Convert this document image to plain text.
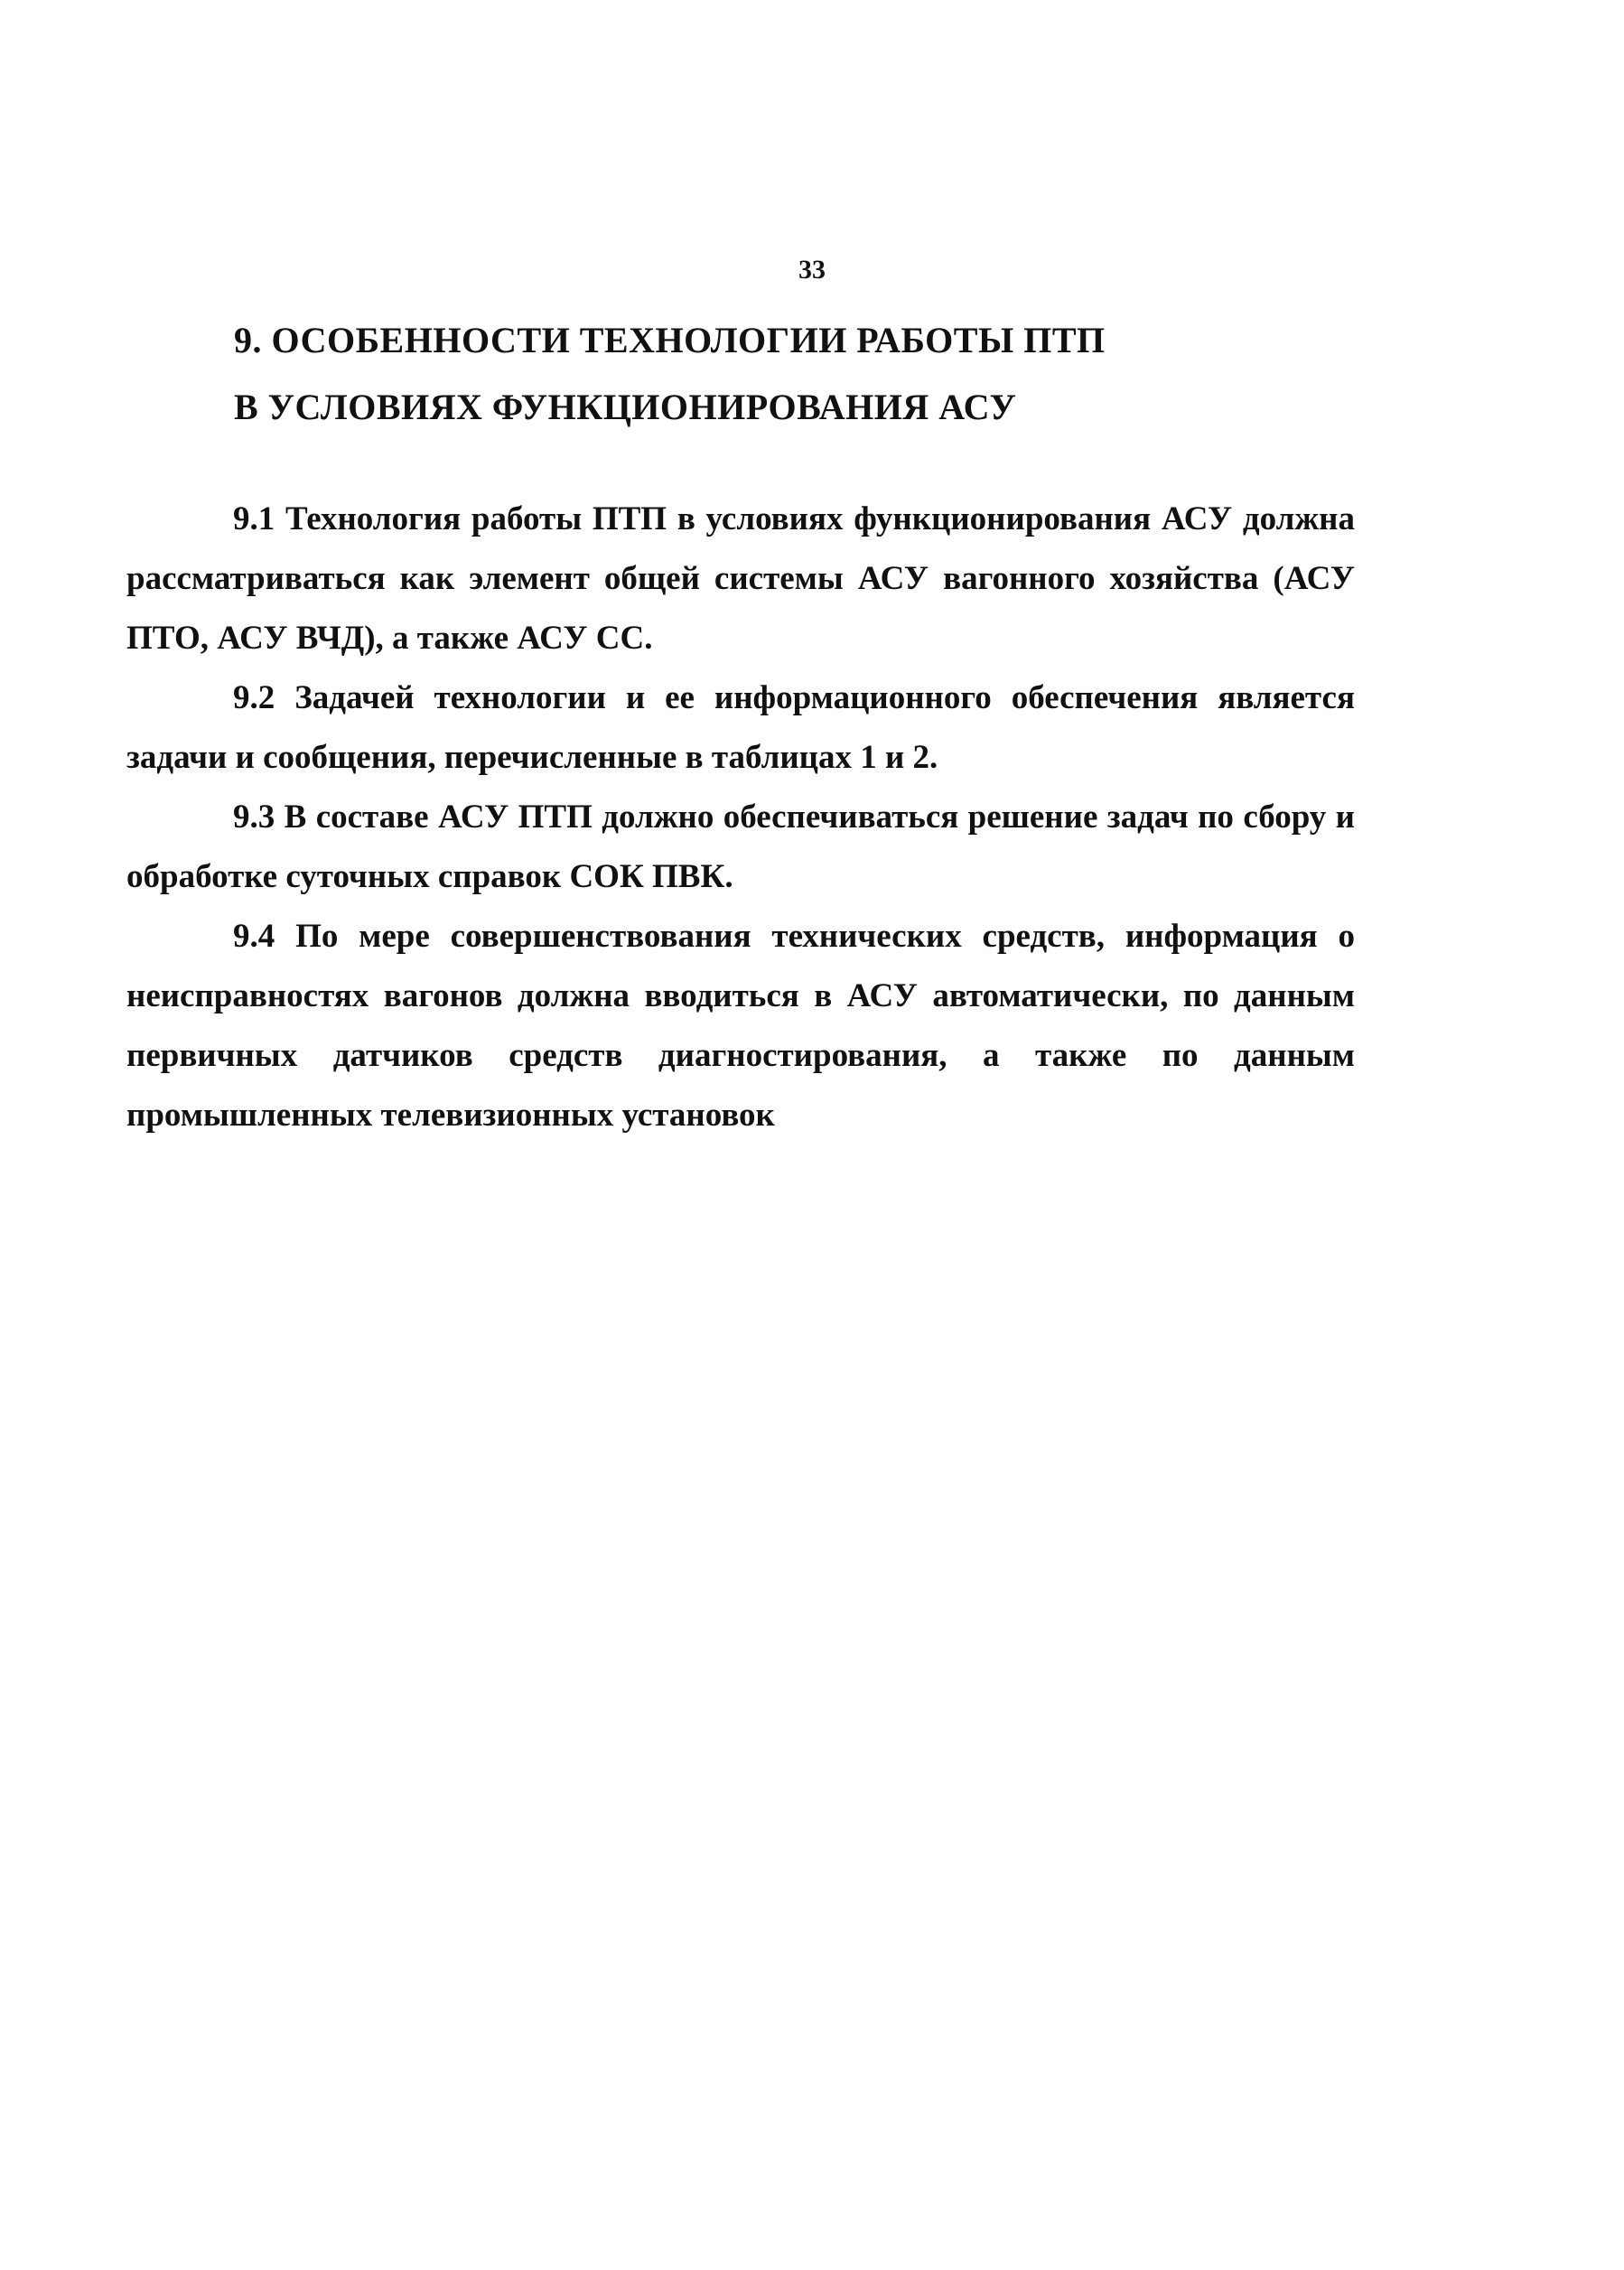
33
9. ОСОБЕННОСТИ ТЕХНОЛОГИИ РАБОТЫ ПТП
В УСЛОВИЯХ ФУНКЦИОНИРОВАНИЯ АСУ

9.1 Технология работы ПТП в условиях функционирования АСУ должна рассматриваться как элемент общей системы АСУ вагонного хозяйства (АСУ ПТО, АСУ ВЧД), а также АСУ СС.

9.2 Задачей технологии и ее информационного обеспечения является задачи и сообщения, перечисленные в таблицах 1 и 2.

9.3 В составе АСУ ПТП должно обеспечиваться решение задач по сбору и обработке суточных справок СОК ПВК.

9.4 По мере совершенствования технических средств, информация о неисправностях вагонов должна вводиться в АСУ автоматически, по данным первичных датчиков средств диагностирования, а также по данным промышленных телевизионных установок
